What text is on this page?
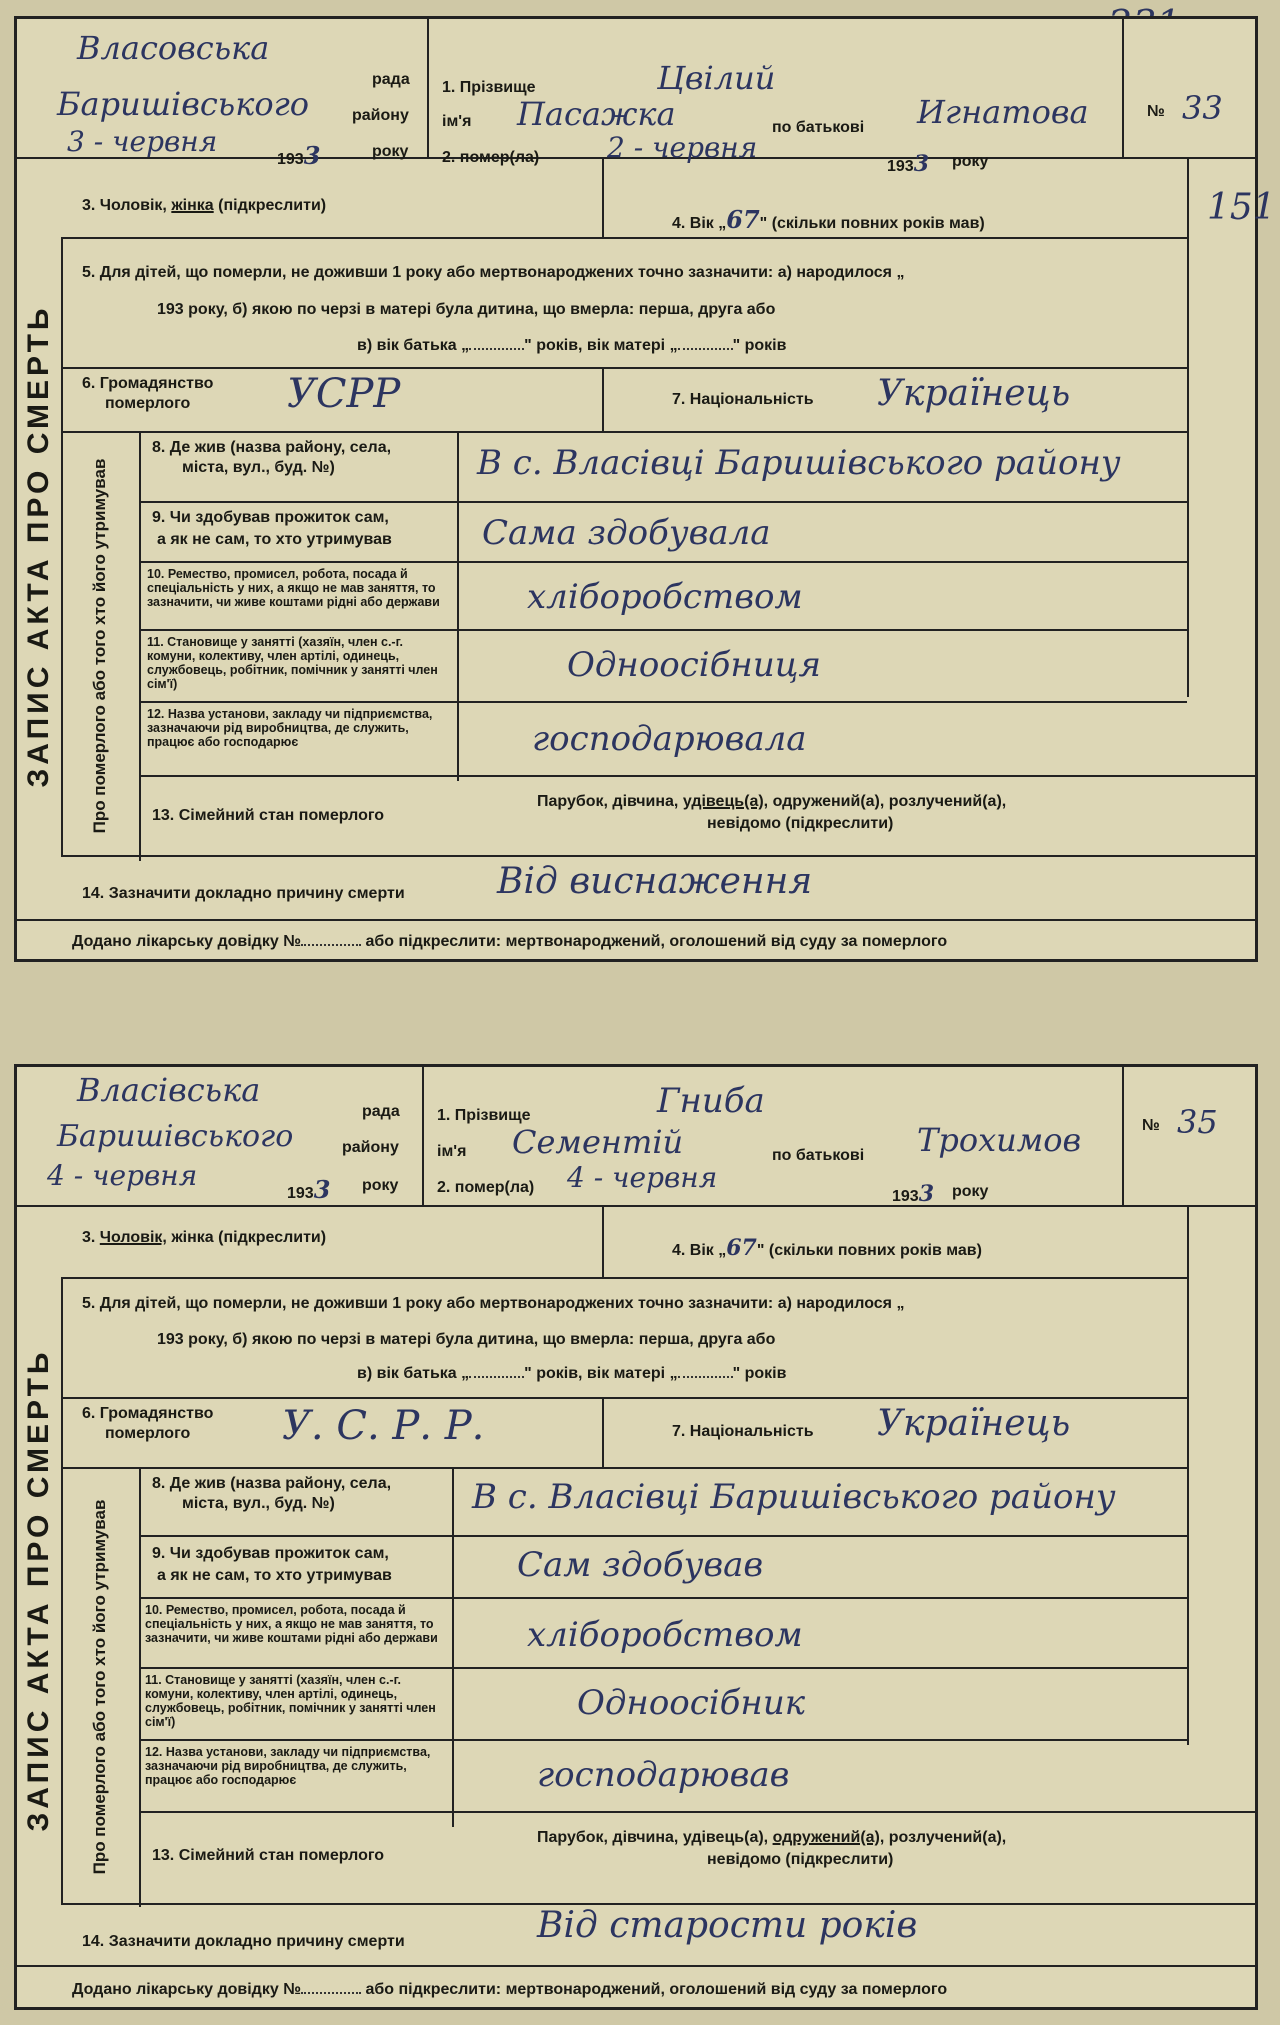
Власовська
рада
Баришівського	району
3 - червня
1933	року
1. Прізвище	Цвілий
ім'я Пасажка	по батькові Игнатова
2. помер(ла) 2 - червня
1933 року
№ 33
3. Чоловік, жінка (підкреслити)
4. Вік „67" (скільки повних років мав)	151
5. Для дітей, що померли, не доживши 1 року або мертвонароджених точно зазначити: а) народилося „
193 року, б) якою по черзі в матері була дитина, що вмерла: перша, друга або
в) вік батька „	" років, вік матері „	" років
6. Громадянство
померлого УСРР	7. Національність Українець
Про померлого або того хто його утримував
8. Де жив (назва району, села,
міста, вул., буд. №)	В с. Власівці Баришівського району
9. Чи здобував прожиток сам,
а як не сам, то хто утримував	Сама здобувала
10. Ремество, промисел, робота, посада й спеціальність у них, а якщо не мав заняття, то зазначити, чи живе коштами рідні або держави	хліборобством
11. Становище у занятті (хазяїн, член с.-г. комуни, колективу, член артілі, одинець, службовець, робітник, помічник у занятті член сім'ї)	Одноосібниця
12. Назва установи, закладу чи підприємства, зазначаючи рід виробництва, де служить, працює або господарює	господарювала
13. Сімейний стан померлого
Парубок, дівчина, удівець(а), одружений(а), розлучений(а),
невідомо (підкреслити)
14. Зазначити докладно причину смерти	Від виснаження
Додано лікарську довідку №	або підкреслити: мертвонароджений, оголошений від суду за померлого
ЗАПИС АКТА ПРО СМЕРТЬ
Власівська
рада
Баришівського	району
4 - червня
1933 року
1. Прізвище	Гниба
ім'я Сементій	по батькові Трохимов
2. помер(ла) 4 - червня
1933 року
№ 35
3. Чоловік, жінка (підкреслити)
4. Вік „67" (скільки повних років мав)
5. Для дітей, що померли, не доживши 1 року або мертвонароджених точно зазначити: а) народилося „
193 року, б) якою по черзі в матері була дитина, що вмерла: перша, друга або
в) вік батька „	" років, вік матері „	" років
6. Громадянство
померлого У. С. Р. Р.	7. Національність Українець
Про померлого або того хто його утримував
8. Де жив (назва району, села,
міста, вул., буд. №)	В с. Власівці Баришівського району
9. Чи здобував прожиток сам,
а як не сам, то хто утримував	Сам здобував
10. Ремество, промисел, робота, посада й спеціальність у них, а якщо не мав заняття, то зазначити, чи живе коштами рідні або держави	хліборобством
11. Становище у занятті (хазяїн, член с.-г. комуни, колективу, член артілі, одинець, службовець, робітник, помічник у занятті член сім'ї)	Одноосібник
12. Назва установи, закладу чи підприємства, зазначаючи рід виробництва, де служить, працює або господарює	господарював
13. Сімейний стан померлого
Парубок, дівчина, удівець(а), одружений(а), розлучений(а),
невідомо (підкреслити)
14. Зазначити докладно причину смерти	Від старости років
Додано лікарську довідку №	або підкреслити: мертвонароджений, оголошений від суду за померлого
ЗАПИС АКТА ПРО СМЕРТЬ
